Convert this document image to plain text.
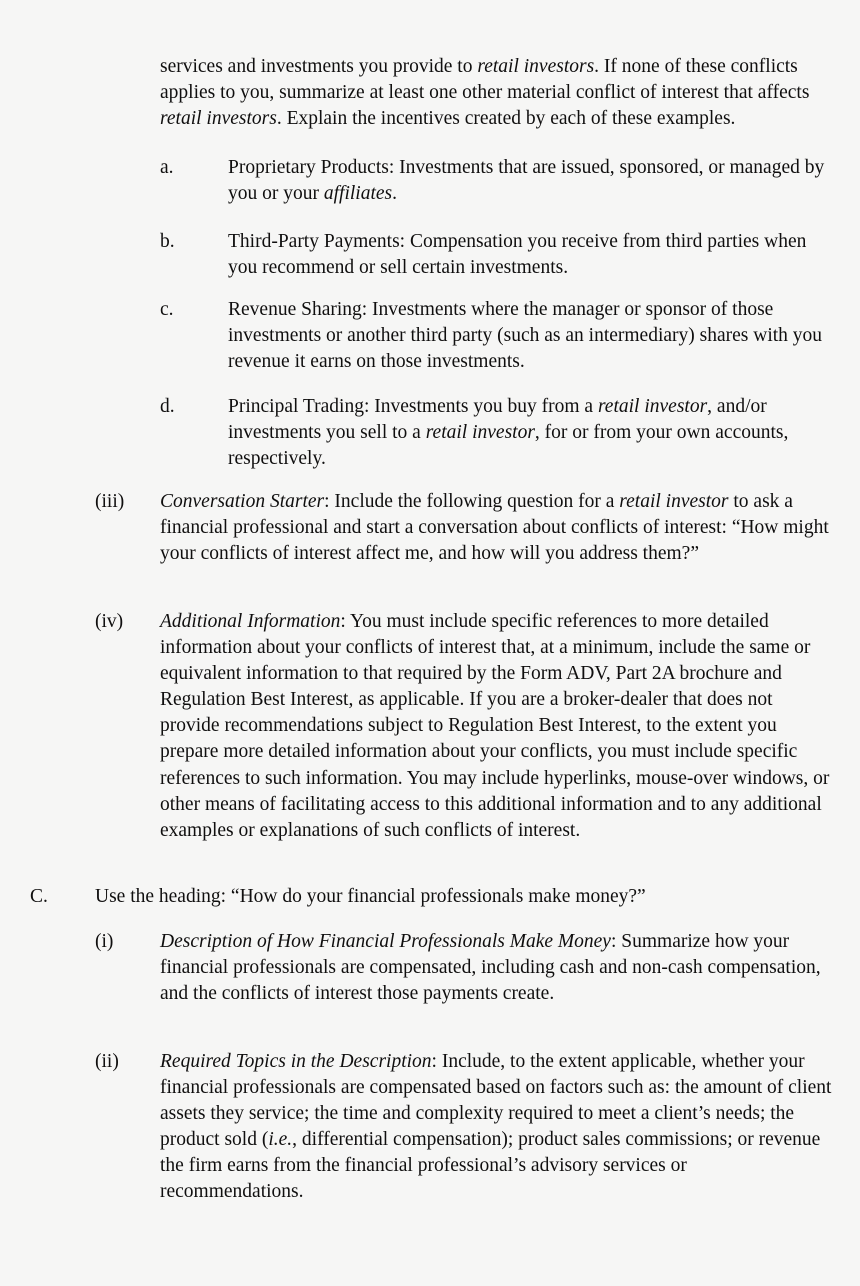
services and investments you provide to retail investors. If none of these conflicts applies to you, summarize at least one other material conflict of interest that affects retail investors. Explain the incentives created by each of these examples.

a.	Proprietary Products: Investments that are issued, sponsored, or managed by you or your affiliates.
b.	Third-Party Payments: Compensation you receive from third parties when you recommend or sell certain investments.
c.	Revenue Sharing: Investments where the manager or sponsor of those investments or another third party (such as an intermediary) shares with you revenue it earns on those investments.
d.	Principal Trading: Investments you buy from a retail investor, and/or investments you sell to a retail investor, for or from your own accounts, respectively.
(iii) Conversation Starter: Include the following question for a retail investor to ask a financial professional and start a conversation about conflicts of interest: “How might your conflicts of interest affect me, and how will you address them?”
(iv) Additional Information: You must include specific references to more detailed information about your conflicts of interest that, at a minimum, include the same or equivalent information to that required by the Form ADV, Part 2A brochure and Regulation Best Interest, as applicable. If you are a broker-dealer that does not provide recommendations subject to Regulation Best Interest, to the extent you prepare more detailed information about your conflicts, you must include specific references to such information. You may include hyperlinks, mouse-over windows, or other means of facilitating access to this additional information and to any additional examples or explanations of such conflicts of interest.
C. Use the heading: “How do your financial professionals make money?”
(i) Description of How Financial Professionals Make Money: Summarize how your financial professionals are compensated, including cash and non-cash compensation, and the conflicts of interest those payments create.
(ii) Required Topics in the Description: Include, to the extent applicable, whether your financial professionals are compensated based on factors such as: the amount of client assets they service; the time and complexity required to meet a client’s needs; the product sold (i.e., differential compensation); product sales commissions; or revenue the firm earns from the financial professional’s advisory services or recommendations.
